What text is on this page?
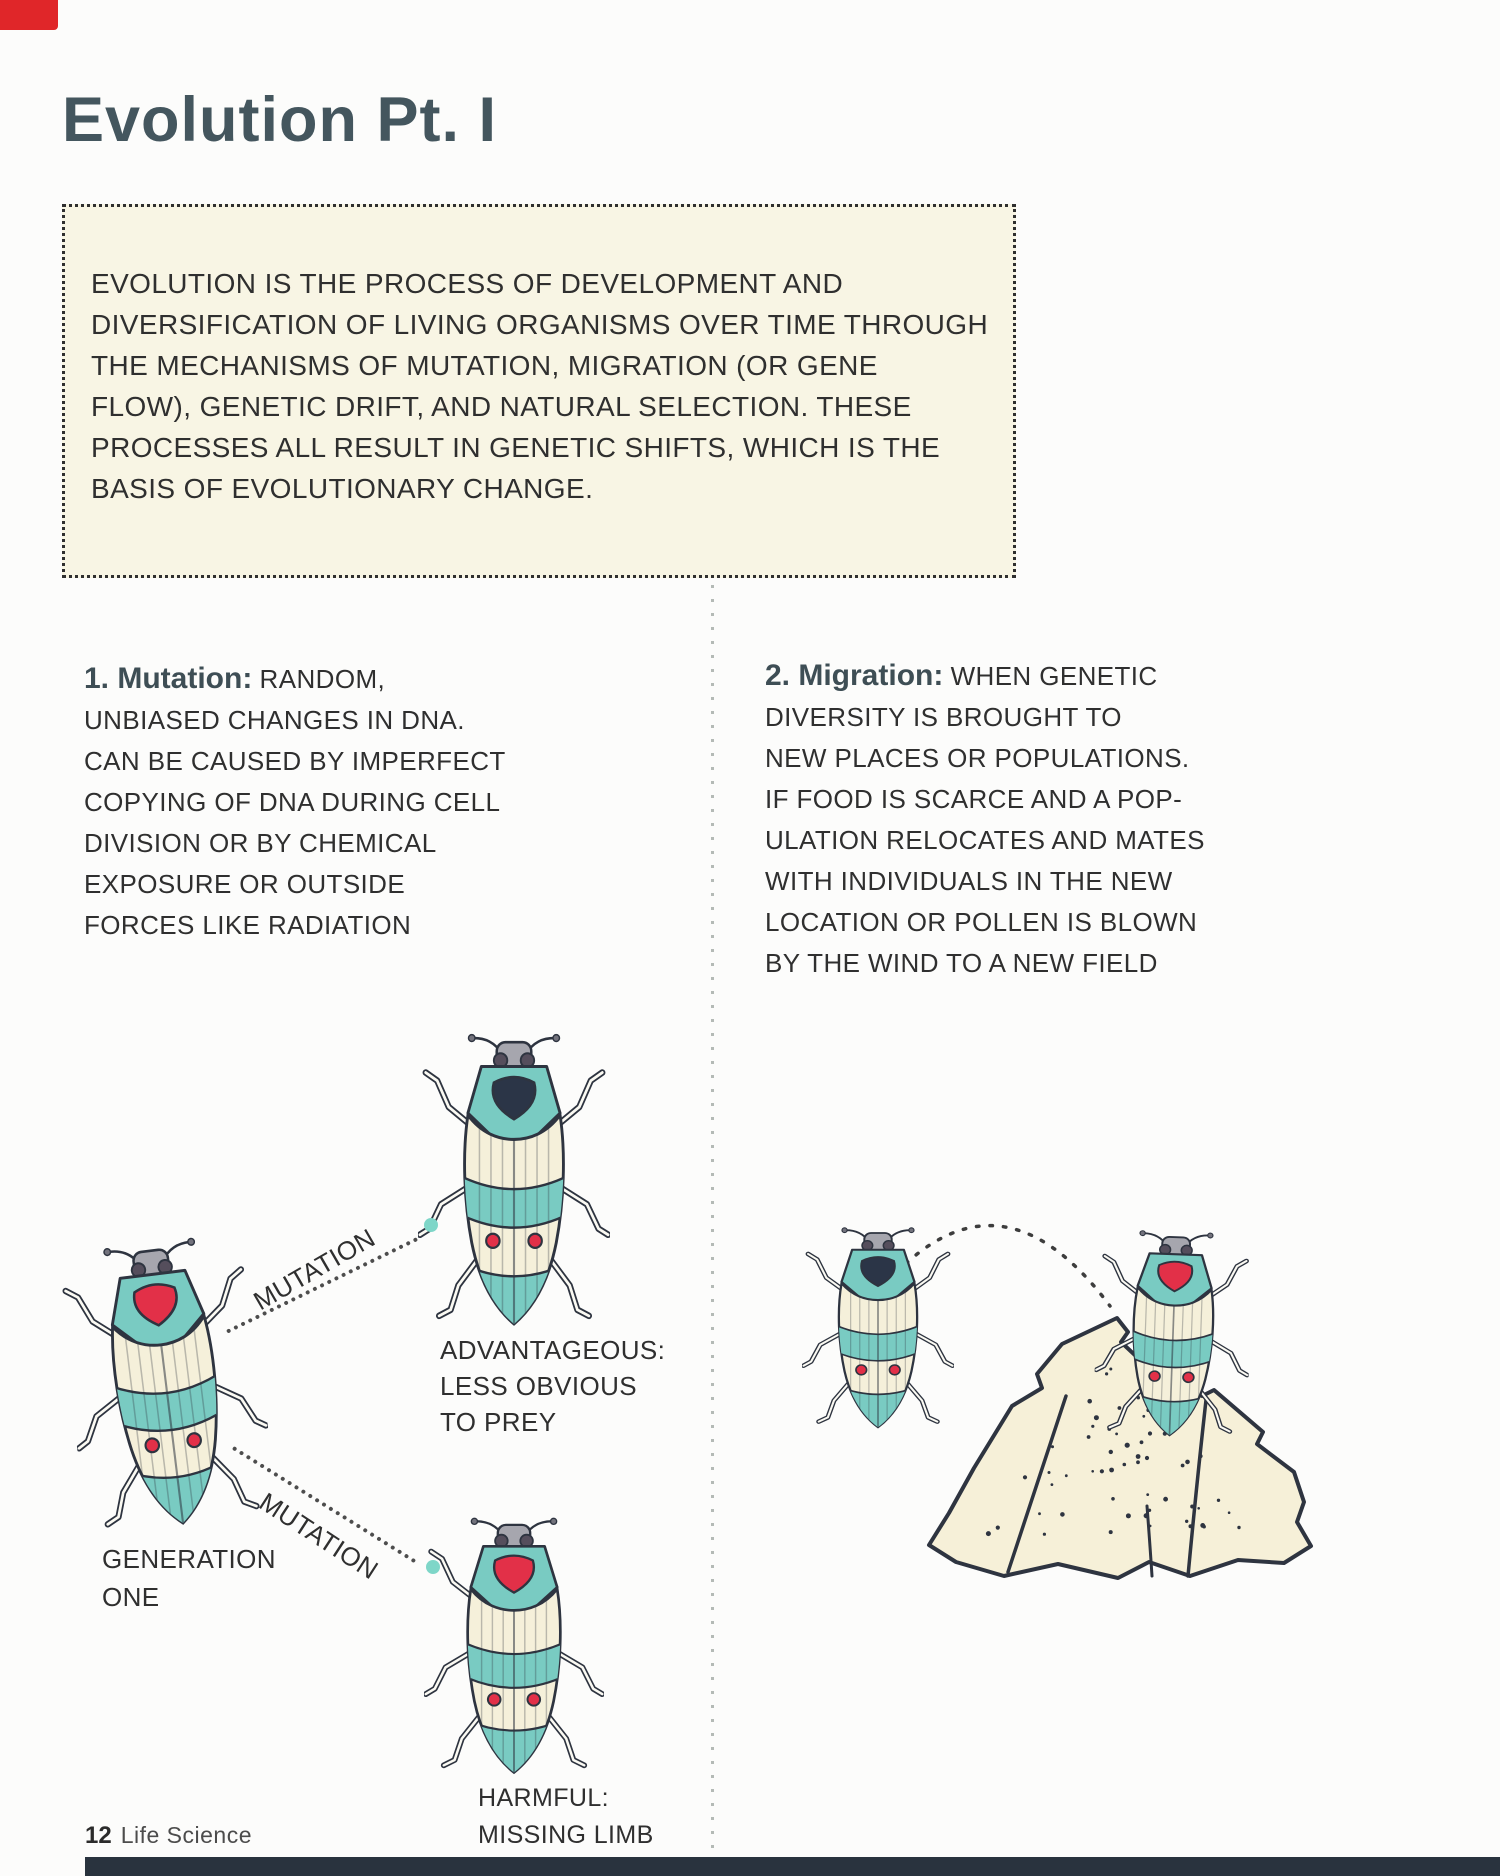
Evolution Pt. I
EVOLUTION IS THE PROCESS OF DEVELOPMENT AND
DIVERSIFICATION OF LIVING ORGANISMS OVER TIME THROUGH
THE MECHANISMS OF MUTATION, MIGRATION (OR GENE
FLOW), GENETIC DRIFT, AND NATURAL SELECTION. THESE
PROCESSES ALL RESULT IN GENETIC SHIFTS, WHICH IS THE
BASIS OF EVOLUTIONARY CHANGE.
1. Mutation: RANDOM,
UNBIASED CHANGES IN DNA.
CAN BE CAUSED BY IMPERFECT
COPYING OF DNA DURING CELL
DIVISION OR BY CHEMICAL
EXPOSURE OR OUTSIDE
FORCES LIKE RADIATION
2. Migration: WHEN GENETIC
DIVERSITY IS BROUGHT TO
NEW PLACES OR POPULATIONS.
IF FOOD IS SCARCE AND A POP-
ULATION RELOCATES AND MATES
WITH INDIVIDUALS IN THE NEW
LOCATION OR POLLEN IS BLOWN
BY THE WIND TO A NEW FIELD
MUTATION
MUTATION
GENERATION
ONE
ADVANTAGEOUS:
LESS OBVIOUS
TO PREY
HARMFUL:
MISSING LIMB
12 Life Science
